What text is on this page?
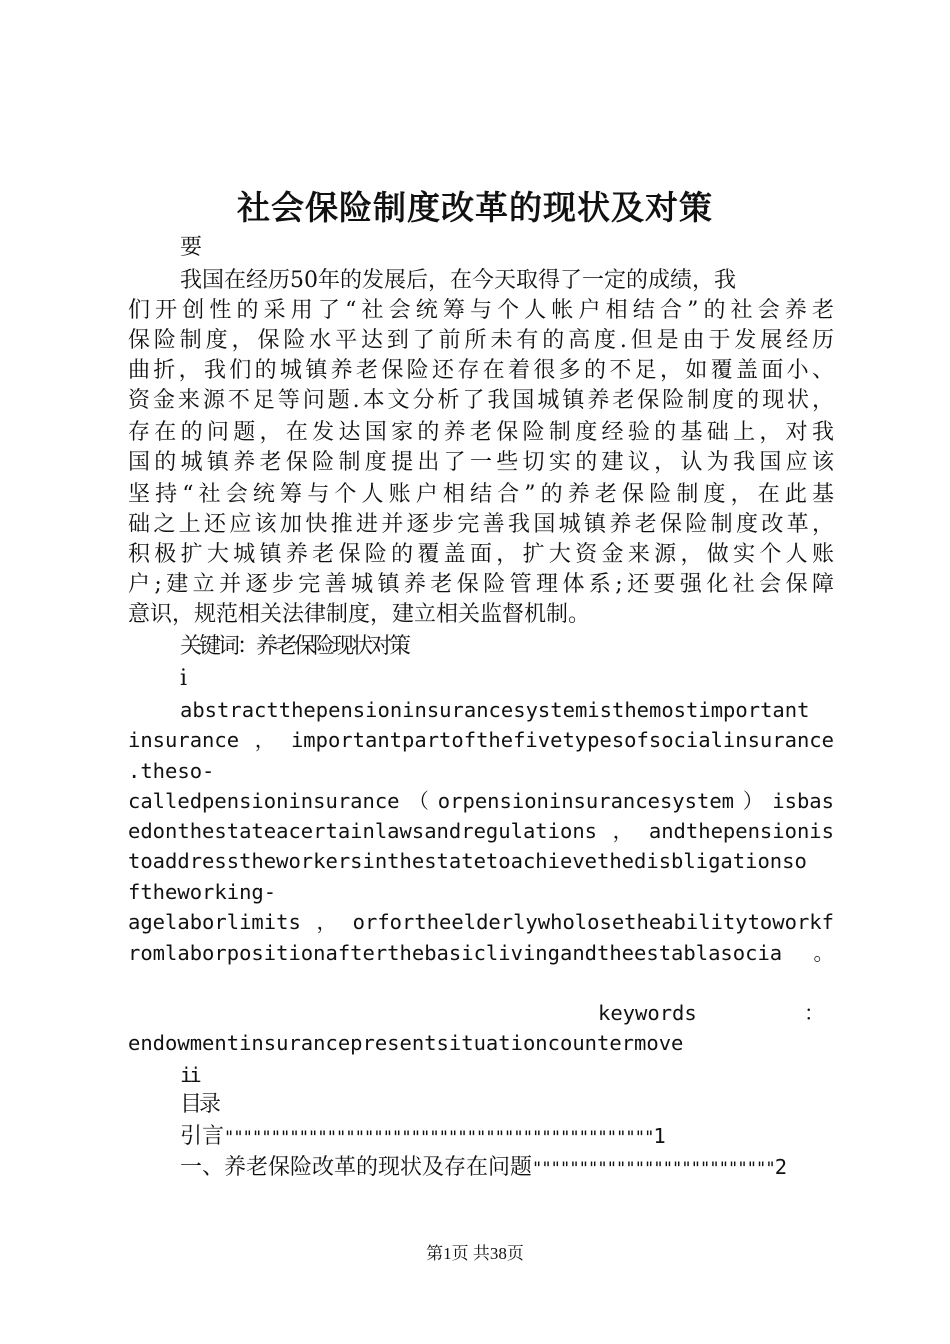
社会保险制度改革的现状及对策

要

我国在经历50年的发展后，在今天取得了一定的成绩，我

们开创性的采用了“社会统筹与个人帐户相结合”的社会养老

保险制度，保险水平达到了前所未有的高度.但是由于发展经历

曲折，我们的城镇养老保险还存在着很多的不足，如覆盖面小、

资金来源不足等问题.本文分析了我国城镇养老保险制度的现状，

存在的问题，在发达国家的养老保险制度经验的基础上，对我

国的城镇养老保险制度提出了一些切实的建议，认为我国应该

坚持“社会统筹与个人账户相结合”的养老保险制度，在此基

础之上还应该加快推进并逐步完善我国城镇养老保险制度改革，

积极扩大城镇养老保险的覆盖面，扩大资金来源，做实个人账

户;建立并逐步完善城镇养老保险管理体系;还要强化社会保障

意识，规范相关法律制度，建立相关监督机制。

关键词：养老保险现状对策

i

abstractthepensioninsurancesystemisthemostimportant

insurance，importantpartofthefivetypesofsocialinsurance

.theso-

calledpensioninsurance（orpensioninsurancesystem）isbas

edonthestateacertainlawsandregulations，andthepensionis

toaddresstheworkersinthestatetoachievethedisbligationso

ftheworking-

agelaborlimits，orfortheelderlywholosetheabilitytoworkf

romlaborpositionafterthebasiclivingandtheestablasocia。

keywords	：

endowmentinsurancepresentsituationcountermove

ii

目录

引言""""""""""""""""""""""""""""""""""""""""""""""1
一、养老保险改革的现状及存在问题""""""""""""""""""""""""""2
第1页 共38页
